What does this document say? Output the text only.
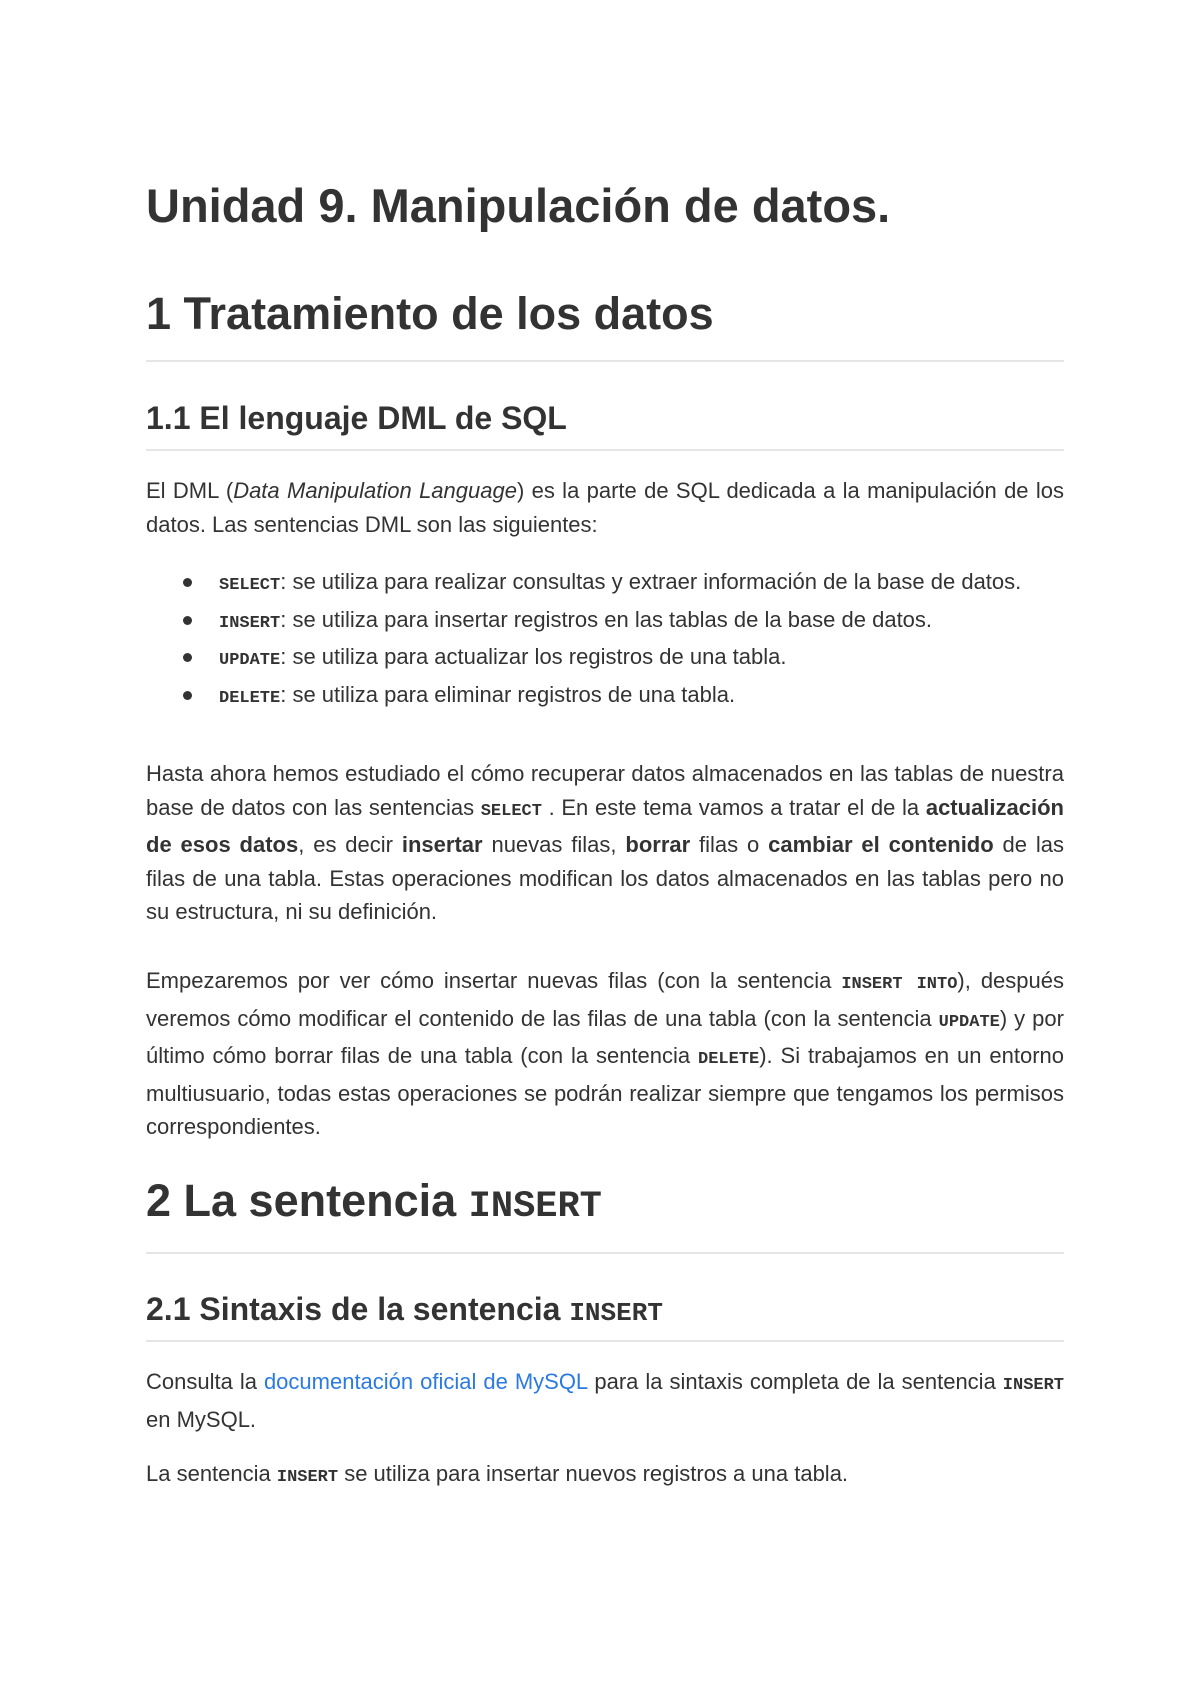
Unidad 9. Manipulación de datos.
1 Tratamiento de los datos
1.1 El lenguaje DML de SQL

El DML (Data Manipulation Language) es la parte de SQL dedicada a la manipulación de los datos. Las sentencias DML son las siguientes:

SELECT: se utiliza para realizar consultas y extraer información de la base de datos.
INSERT: se utiliza para insertar registros en las tablas de la base de datos.
UPDATE: se utiliza para actualizar los registros de una tabla.
DELETE: se utiliza para eliminar registros de una tabla.

Hasta ahora hemos estudiado el cómo recuperar datos almacenados en las tablas de nuestra base de datos con las sentencias SELECT . En este tema vamos a tratar el de la actualización de esos datos, es decir insertar nuevas filas, borrar filas o cambiar el contenido de las filas de una tabla. Estas operaciones modifican los datos almacenados en las tablas pero no su estructura, ni su definición.

Empezaremos por ver cómo insertar nuevas filas (con la sentencia INSERT INTO), después veremos cómo modificar el contenido de las filas de una tabla (con la sentencia UPDATE) y por último cómo borrar filas de una tabla (con la sentencia DELETE). Si trabajamos en un entorno multiusuario, todas estas operaciones se podrán realizar siempre que tengamos los permisos correspondientes.

2 La sentencia INSERT
2.1 Sintaxis de la sentencia INSERT

Consulta la documentación oficial de MySQL para la sintaxis completa de la sentencia INSERT en MySQL.

La sentencia INSERT se utiliza para insertar nuevos registros a una tabla.
